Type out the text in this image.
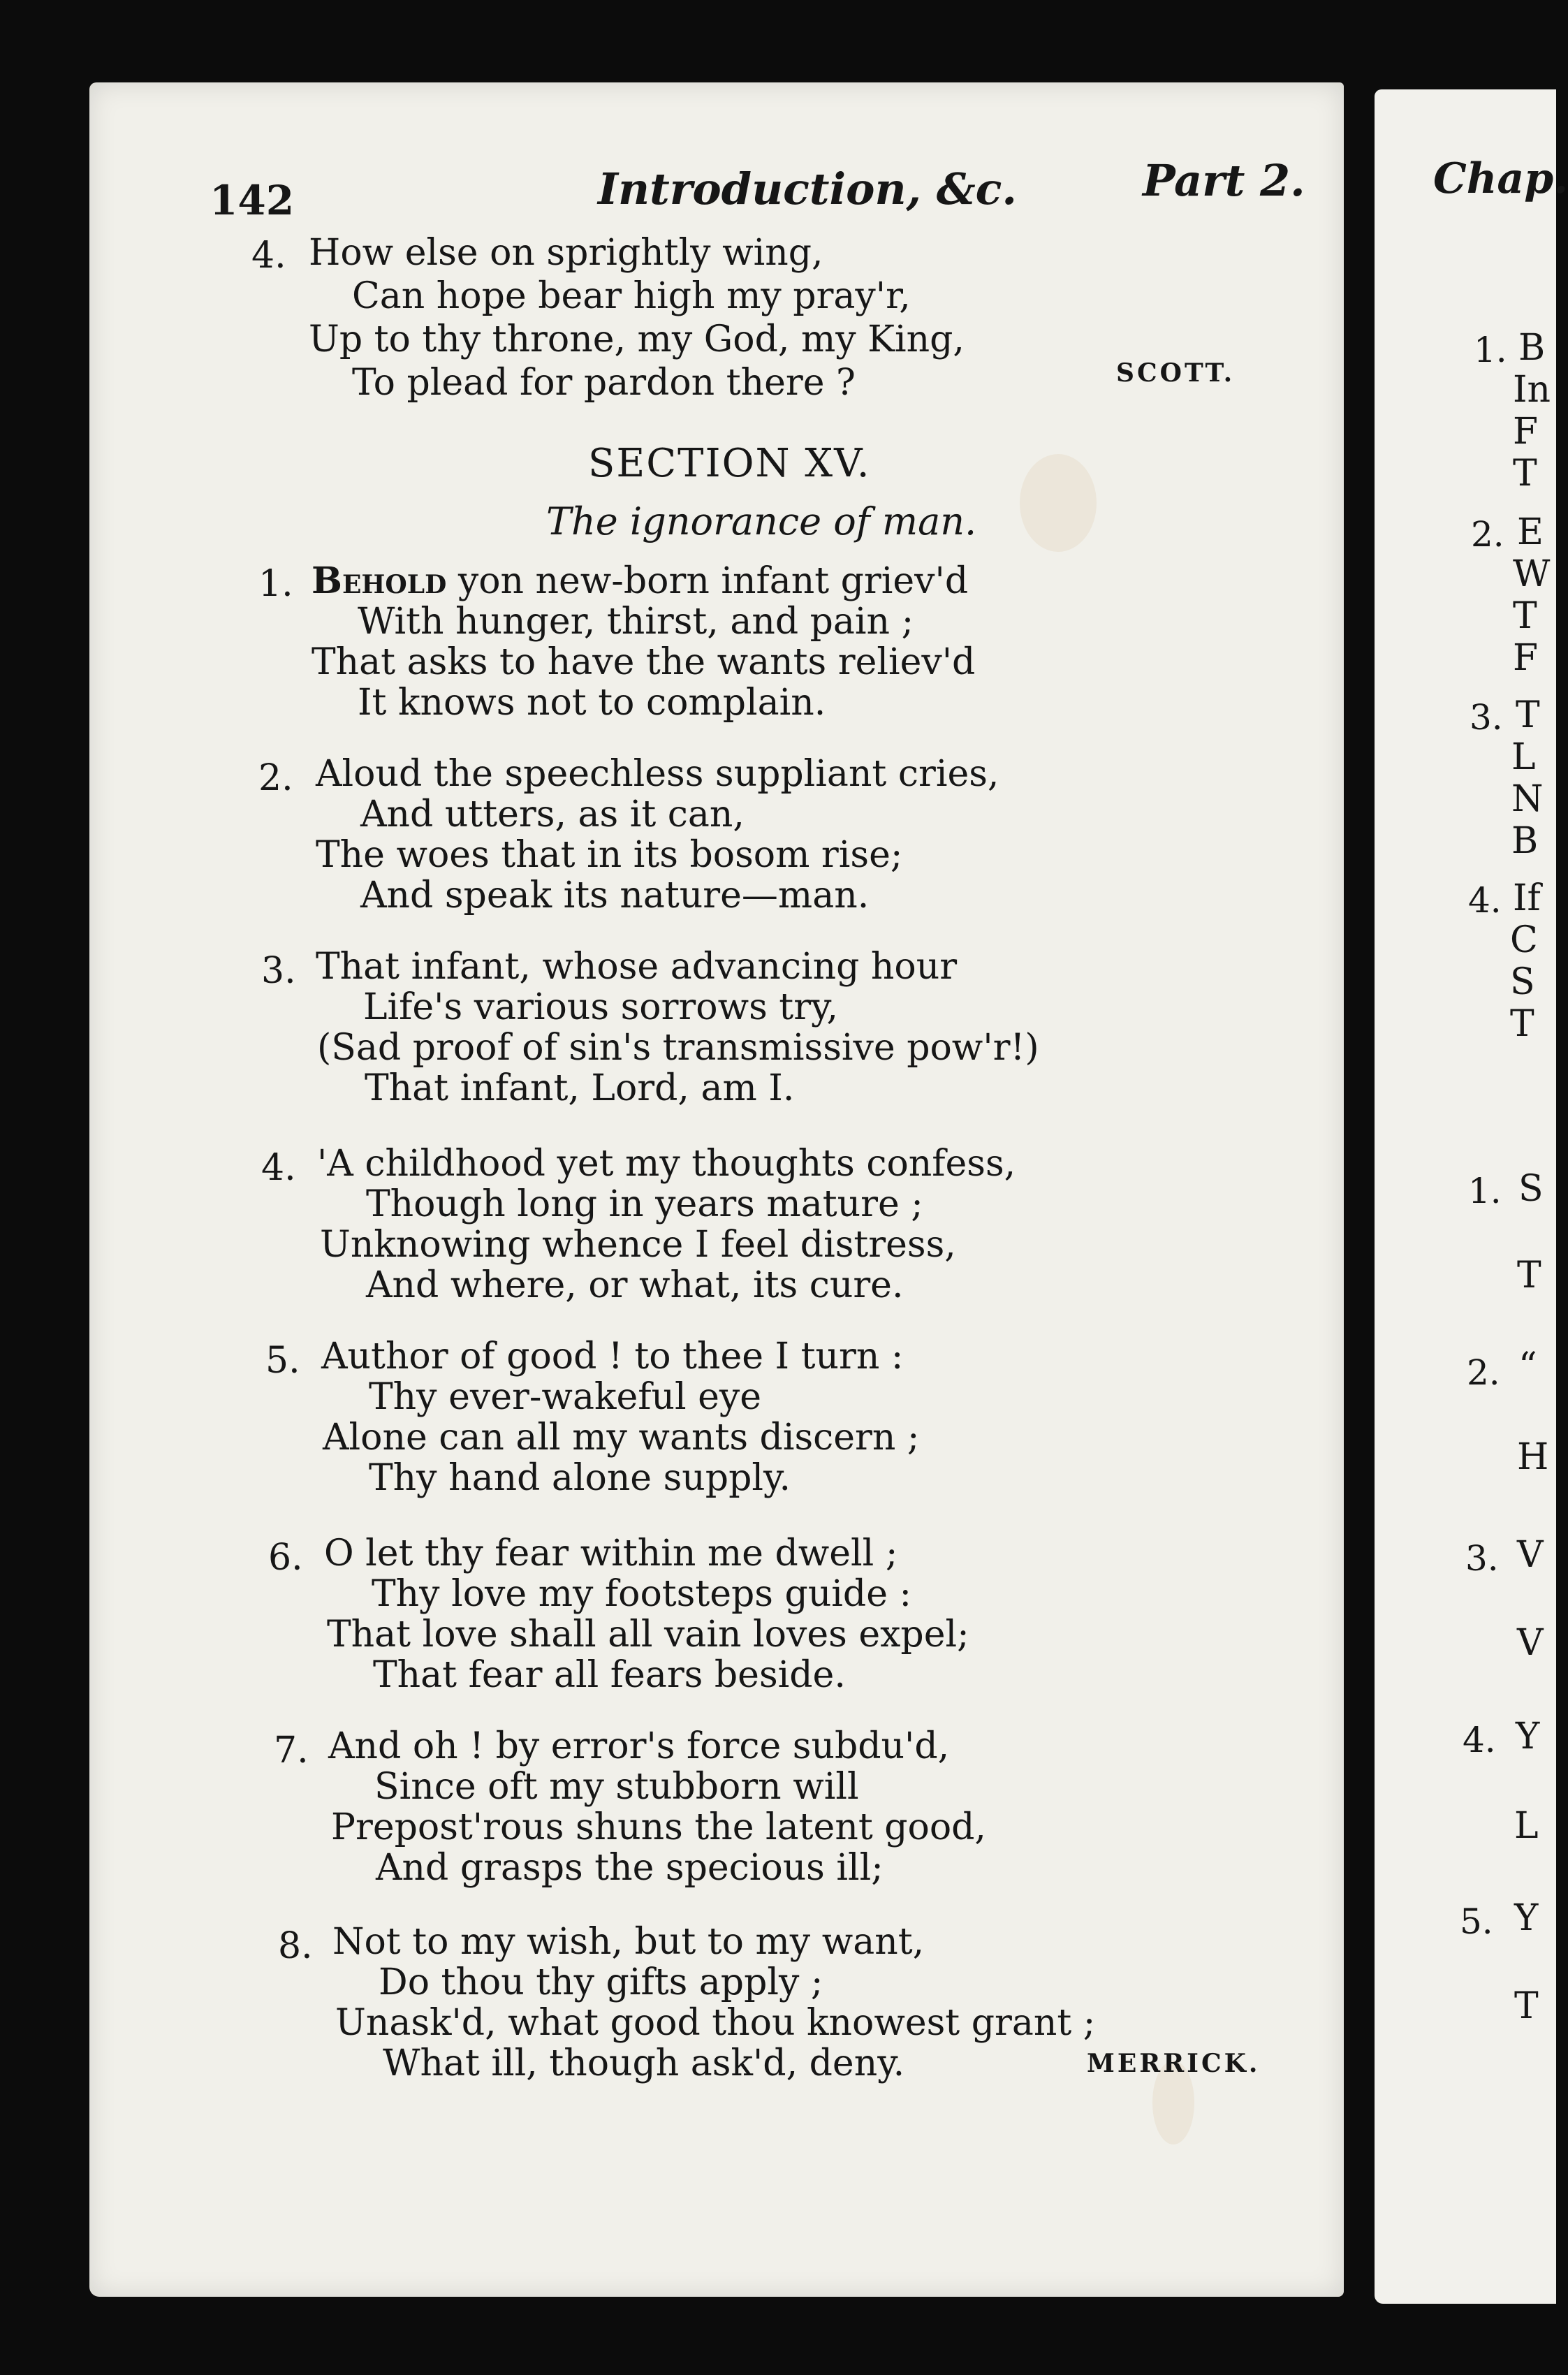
142	Introduction, &c.	Part 2.
4. How else on sprightly wing,
Can hope bear high my pray'r,
Up to thy throne, my God, my King,
To plead for pardon there ?	SCOTT.
SECTION XV.
The ignorance of man.
1. Behold yon new-born infant griev'd
With hunger, thirst, and pain ;
That asks to have the wants reliev'd
It knows not to complain.
2. Aloud the speechless suppliant cries,
And utters, as it can,
The woes that in its bosom rise;
And speak its nature—man.
3. That infant, whose advancing hour
Life's various sorrows try,
(Sad proof of sin's transmissive pow'r!)
That infant, Lord, am I.
4. 'A childhood yet my thoughts confess,
Though long in years mature ;
Unknowing whence I feel distress,
And where, or what, its cure.
5. Author of good ! to thee I turn :
Thy ever-wakeful eye
Alone can all my wants discern ;
Thy hand alone supply.
6. O let thy fear within me dwell ;
Thy love my footsteps guide :
That love shall all vain loves expel;
That fear all fears beside.
7. And oh ! by error's force subdu'd,
Since oft my stubborn will
Prepost'rous shuns the latent good,
And grasps the specious ill;
8. Not to my wish, but to my want,
Do thou thy gifts apply ;
Unask'd, what good thou knowest grant ;
What ill, though ask'd, deny.	MERRICK.
Chap.
1. B
In
F
T
2. E
W
T
F
3. T
L
N
B
4. If
C
S
T
1. S
T
2. “
H
3. V
V
4. Y
L
5. Y
T
